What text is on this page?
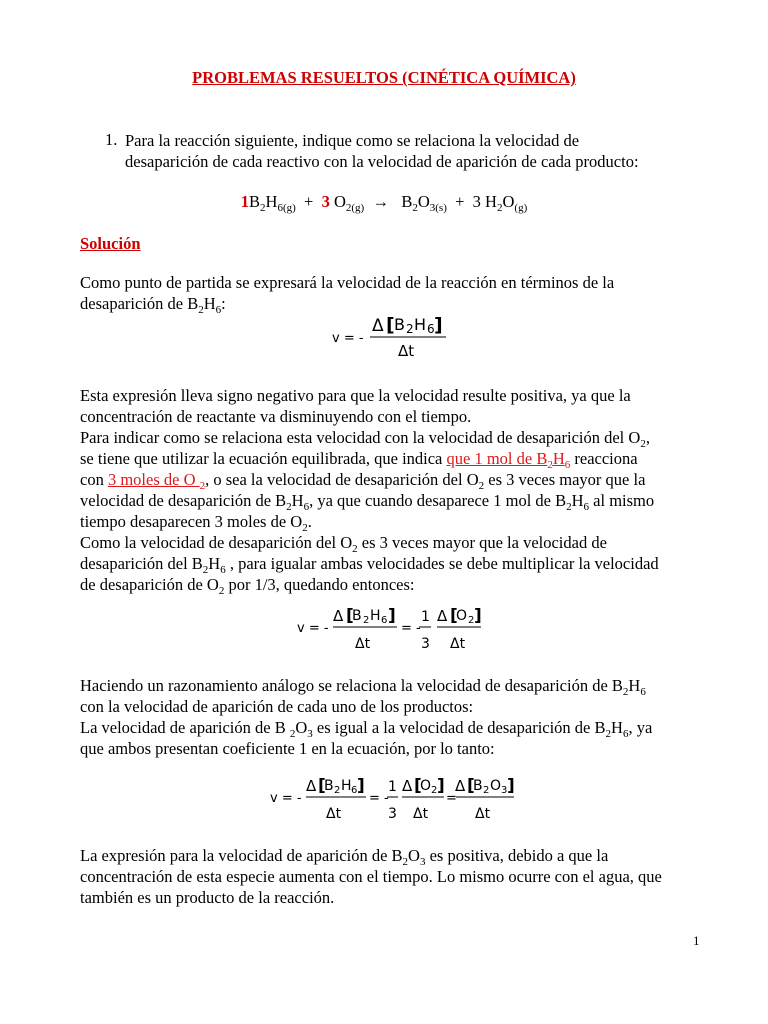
PROBLEMAS RESUELTOS (CINÉTICA QUÍMICA)
1. Para la reacción siguiente, indique como se relaciona la velocidad de
desaparición de cada reactivo con la velocidad de aparición de cada producto:
$1B_2H_{6(g)} + 3$ $O_{2(g)} \to B_2O_{3(s)} + 3$ $H_2O_{(g)}$
Solución
Como punto de partida se expresará la velocidad de la reacción en términos de la
desaparición de $B_2H_6$:
v = -
Δ [ B 2 H 6 ]
Δt
Esta expresión lleva signo negativo para que la velocidad resulte positiva, ya que la
concentración de reactante va disminuyendo con el tiempo.
Para indicar como se relaciona esta velocidad con la velocidad de desaparición del $O_2$,
se tiene que utilizar la ecuación equilibrada, que indica que 1 mol de $B_2H_6$ reacciona
con 3 moles de O $_2$, o sea la velocidad de desaparición del $O_2$ es 3 veces mayor que la
velocidad de desaparición de $B_2H_6$, ya que cuando desaparece 1 mol de $B_2H_6$ al mismo
tiempo desaparecen 3 moles de $O_2$.
Como la velocidad de desaparición del $O_2$ es 3 veces mayor que la velocidad de
desaparición del $B_2H_6$ , para igualar ambas velocidades se debe multiplicar la velocidad
de desaparición de $O_2$ por 1/3, quedando entonces:
v = -
Δ [
B 2 H 6 ]
Δt
= -
1
3
Δ [
O 2 ]
Δt
Haciendo un razonamiento análogo se relaciona la velocidad de desaparición de $B_2H_6$
con la velocidad de aparición de cada uno de los productos:
La velocidad de aparición de B $_2O_3$ es igual a la velocidad de desaparición de $B_2H_6$, ya
que ambos presentan coeficiente 1 en la ecuación, por lo tanto:
v = -
Δ [
B 2 H 6 ]
Δt
= -
1
3
Δ [
O 2 ]
Δt
=
Δ [
B 2 O 3 ]
Δt
La expresión para la velocidad de aparición de $B_2O_3$ es positiva, debido a que la
concentración de esta especie aumenta con el tiempo. Lo mismo ocurre con el agua, que
también es un producto de la reacción.
1
